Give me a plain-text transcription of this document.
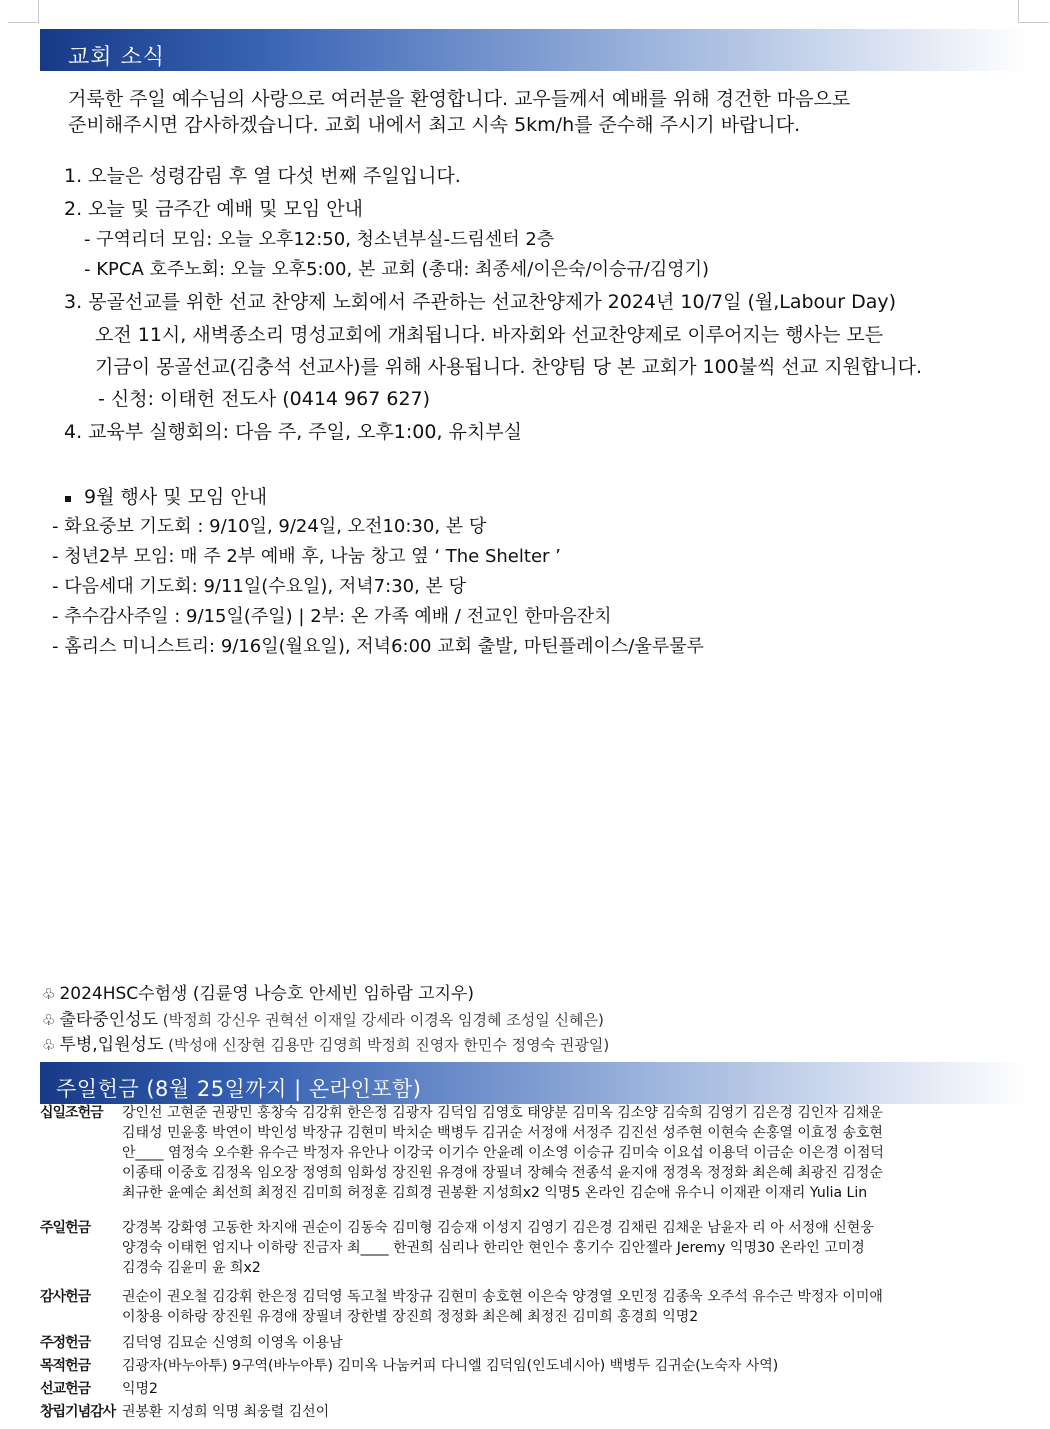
교회 소식
거룩한 주일 예수님의 사랑으로 여러분을 환영합니다. 교우들께서 예배를 위해 경건한 마음으로
준비해주시면 감사하겠습니다. 교회 내에서 최고 시속 5km/h를 준수해 주시기 바랍니다.
1. 오늘은 성령감림 후 열 다섯 번째 주일입니다.
2. 오늘 및 금주간 예배 및 모임 안내
- 구역리더 모임: 오늘 오후12:50, 청소년부실-드림센터 2층
- KPCA 호주노회: 오늘 오후5:00, 본 교회 (총대: 최종세/이은숙/이승규/김영기)
3. 몽골선교를 위한 선교 찬양제 노회에서 주관하는 선교찬양제가 2024년 10/7일 (월,Labour Day)
오전 11시, 새벽종소리 명성교회에 개최됩니다. 바자회와 선교찬양제로 이루어지는 행사는 모든
기금이 몽골선교(김충석 선교사)를 위해 사용됩니다. 찬양팀 당 본 교회가 100불씩 선교 지원합니다.
- 신청: 이태헌 전도사 (0414 967 627)
4. 교육부 실행회의: 다음 주, 주일, 오후1:00, 유치부실
9월 행사 및 모임 안내
- 화요중보 기도회 : 9/10일, 9/24일, 오전10:30, 본 당
- 청년2부 모임: 매 주 2부 예배 후, 나눔 창고 옆 ‘ The Shelter ’
- 다음세대 기도회: 9/11일(수요일), 저녁7:30, 본 당
- 추수감사주일 : 9/15일(주일) | 2부: 온 가족 예배 / 전교인 한마음잔치
- 홈리스 미니스트리: 9/16일(월요일), 저녁6:00 교회 출발, 마틴플레이스/울루물루
♧ 2024HSC수험생 (김륜영 나승호 안세빈 임하람 고지우)
♧ 출타중인성도 (박정희 강신우 권혁선 이재일 강세라 이경옥 임경혜 조성일 신혜은)
♧ 투병,입원성도 (박성애 신장현 김용만 김영희 박정희 진영자 한민수 정영숙 권광일)
주일헌금 (8월 25일까지 | 온라인포함)
십일조헌금	강인선 고현준 권광민 홍창숙 김강휘 한은정 김광자 김덕임 김영호 태양분 김미옥 김소양 김숙희 김영기 김은경 김인자 김채운
김태성 민윤홍 박연이 박인성 박장규 김현미 박치순 백병두 김귀순 서정애 서정주 김진선 성주현 이현숙 손홍열 이효정 송호현
안____ 염정숙 오수환 유수근 박정자 유안나 이강국 이기수 안윤례 이소영 이승규 김미숙 이요섭 이용덕 이금순 이은경 이점덕
이종태 이중호 김정옥 임오장 정영희 임화성 장진원 유경애 장필녀 장혜숙 전종석 윤지애 정경옥 정정화 최은혜 최광진 김정순
최규한 윤예순 최선희 최정진 김미희 허정훈 김희경 권봉환 지성희x2 익명5 온라인 김순애 유수니 이재관 이재리 Yulia Lin
주일헌금	강경복 강화영 고동한 차지애 권순이 김동숙 김미형 김승재 이성지 김영기 김은경 김채린 김채운 남윤자 리 아 서정애 신현웅
양경숙 이태헌 엄지나 이하랑 진금자 최____ 한권희 심리나 한리안 현인수 홍기수 김안젤라 Jeremy 익명30 온라인 고미경
김경숙 김윤미 윤 희x2
감사헌금	권순이 권오철 김강휘 한은정 김덕영 독고철 박장규 김현미 송호현 이은숙 양경열 오민정 김종욱 오주석 유수근 박정자 이미애
이창용 이하랑 장진원 유경애 장필녀 장한별 장진희 정정화 최은혜 최정진 김미희 홍경희 익명2
주정헌금	김덕영 김묘순 신영희 이영옥 이용남
목적헌금	김광자(바누아투) 9구역(바누아투) 김미옥 나눔커피 다니엘 김덕임(인도네시아) 백병두 김귀순(노숙자 사역)
선교헌금	익명2
창립기념감사 권봉환 지성희 익명 최웅렬 김선이
